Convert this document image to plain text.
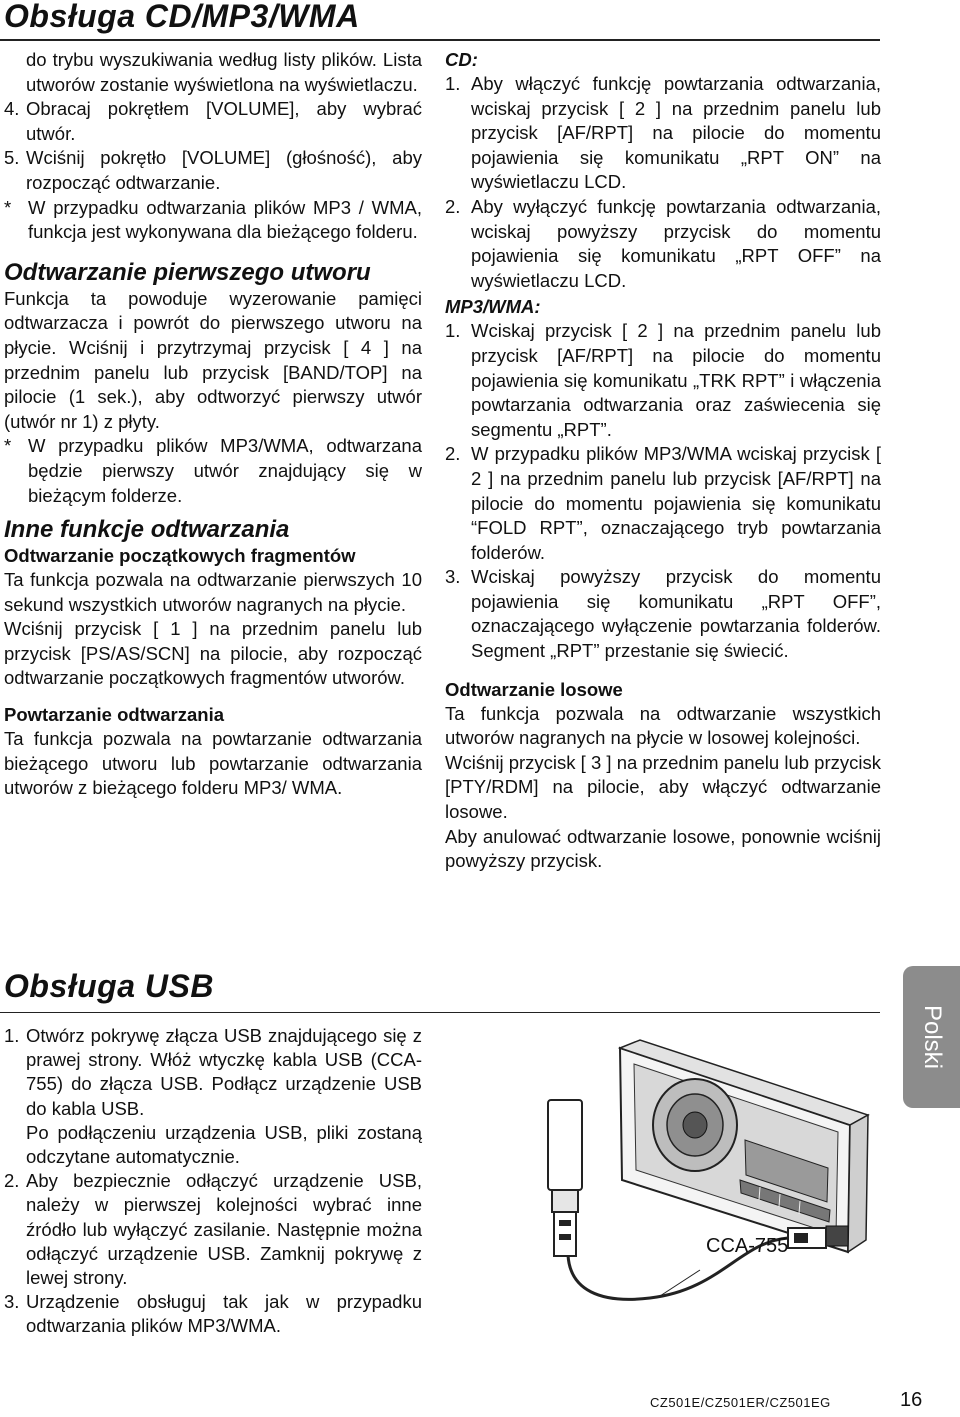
Obsługa CD/MP3/WMA
do trybu wyszukiwania według listy plików. Lista utworów zostanie wyświetlona na wyświetlaczu.
4. Obracaj pokrętłem [VOLUME], aby wybrać utwór.
5. Wciśnij pokrętło [VOLUME] (głośność), aby rozpocząć odtwarzanie.
* W przypadku odtwarzania plików MP3 / WMA, funkcja jest wykonywana dla bieżącego folderu.
Odtwarzanie pierwszego utworu

Funkcja ta powoduje wyzerowanie pamięci odtwarzacza i powrót do pierwszego utworu na płycie. Wciśnij i przytrzymaj przycisk [ 4 ] na przednim panelu lub przycisk [BAND/TOP] na pilocie (1 sek.), aby odtworzyć pierwszy utwór (utwór nr 1) z płyty.

* W przypadku plików MP3/WMA, odtwarzana będzie pierwszy utwór znajdujący się w bieżącym folderze.
Inne funkcje odtwarzania
Odtwarzanie początkowych fragmentów

Ta funkcja pozwala na odtwarzanie pierwszych 10 sekund wszystkich utworów nagranych na płycie.

Wciśnij przycisk [ 1 ] na przednim panelu lub przycisk [PS/AS/SCN] na pilocie, aby rozpocząć odtwarzanie początkowych fragmentów utworów.

Powtarzanie odtwarzania

Ta funkcja pozwala na powtarzanie odtwarzania bieżącego utworu lub powtarzanie odtwarzania utworów z bieżącego folderu MP3/ WMA.

CD:
1. Aby włączyć funkcję powtarzania odtwarzania, wciskaj przycisk [ 2 ] na przednim panelu lub przycisk [AF/RPT] na pilocie do momentu pojawienia się komunikatu „RPT ON” na wyświetlaczu LCD.
2. Aby wyłączyć funkcję powtarzania odtwarzania, wciskaj powyższy przycisk do momentu pojawienia się komunikatu „RPT OFF” na wyświetlaczu LCD.
MP3/WMA:
1. Wciskaj przycisk [ 2 ] na przednim panelu lub przycisk [AF/RPT] na pilocie do momentu pojawienia się komunikatu „TRK RPT” i włączenia powtarzania odtwarzania oraz zaświecenia się segmentu „RPT”.
2. W przypadku plików MP3/WMA wciskaj przycisk [ 2 ] na przednim panelu lub przycisk [AF/RPT] na pilocie do momentu pojawienia się komunikatu “FOLD RPT”, oznaczającego tryb powtarzania folderów.
3. Wciskaj powyższy przycisk do momentu pojawienia się komunikatu „RPT OFF”, oznaczającego wyłączenie powtarzania folderów. Segment „RPT” przestanie się świecić.
Odtwarzanie losowe

Ta funkcja pozwala na odtwarzanie wszystkich utworów nagranych na płycie w losowej kolejności.

Wciśnij przycisk [ 3 ] na przednim panelu lub przycisk [PTY/RDM] na pilocie, aby włączyć odtwarzanie losowe.

Aby anulować odtwarzanie losowe, ponownie wciśnij powyższy przycisk.

Obsługa USB
1. Otwórz pokrywę złącza USB znajdującego się z prawej strony. Włóż wtyczkę kabla USB (CCA-755) do złącza USB. Podłącz urządzenie USB do kabla USB.
Po podłączeniu urządzenia USB, pliki zostaną odczytane automatycznie.
2. Aby bezpiecznie odłączyć urządzenie USB, należy w pierwszej kolejności wybrać inne źródło lub wyłączyć zasilanie. Następnie można odłączyć urządzenie USB. Zamknij pokrywę z lewej strony.
3. Urządzenie obsługuj tak jak w przypadku odtwarzania plików MP3/WMA.
CCA-755
Polski
CZ501E/CZ501ER/CZ501EG	16
